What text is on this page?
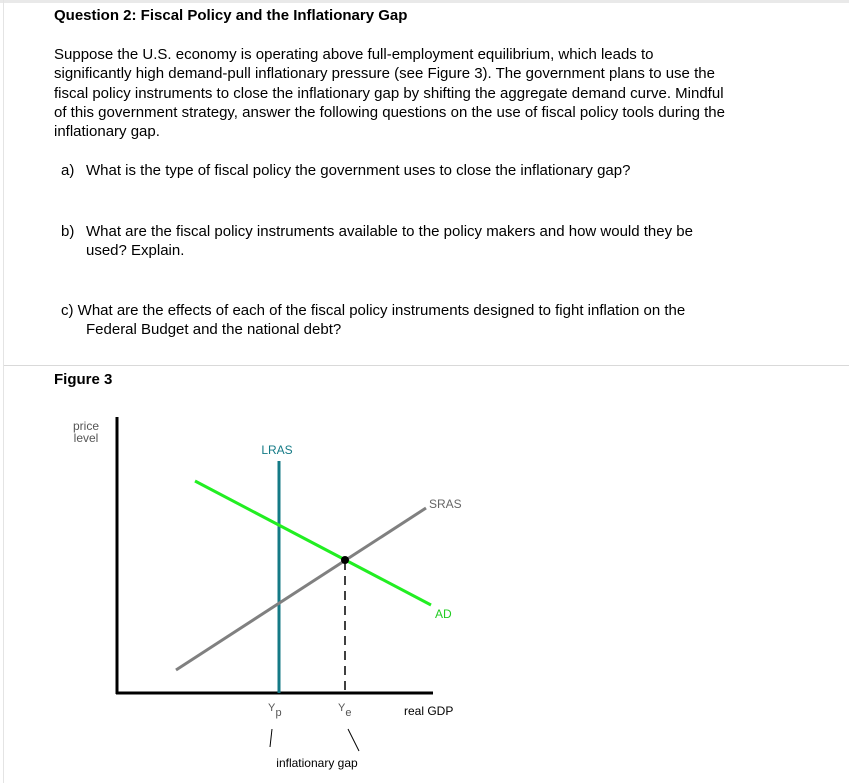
Question 2: Fiscal Policy and the Inflationary Gap
Suppose the U.S. economy is operating above full-employment equilibrium, which leads to
significantly high demand-pull inflationary pressure (see Figure 3). The government plans to use the
fiscal policy instruments to close the inflationary gap by shifting the aggregate demand curve. Mindful
of this government strategy, answer the following questions on the use of fiscal policy tools during the
inflationary gap.
a) What is the type of fiscal policy the government uses to close the inflationary gap?
b) What are the fiscal policy instruments available to the policy makers and how would they be
used? Explain.
c) What are the effects of each of the fiscal policy instruments designed to fight inflation on the
Federal Budget and the national debt?
Figure 3
price
level
real GDP
LRAS
SRAS
AD
Yp	Ye
inflationary gap
